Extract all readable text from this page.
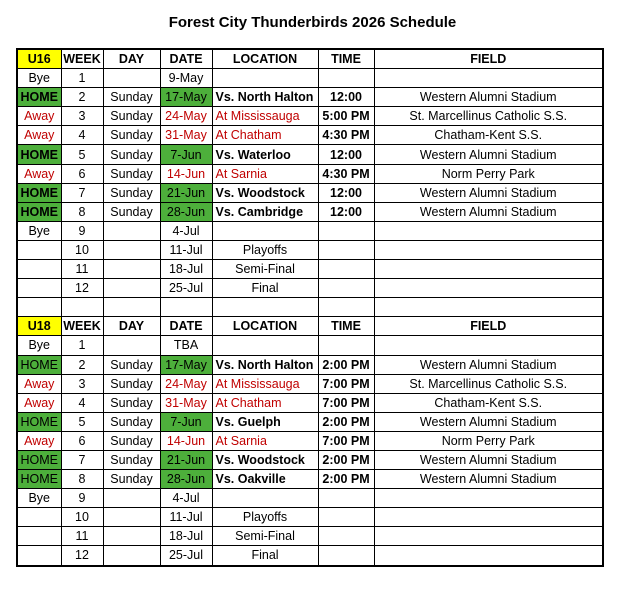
Forest City Thunderbirds 2026 Schedule
U16	WEEK	DAY	DATE	LOCATION	TIME	FIELD
Bye	1		9-May			
HOME	2	Sunday	17-May	Vs. North Halton	12:00	Western Alumni Stadium
Away	3	Sunday	24-May	At Mississauga	5:00 PM	St. Marcellinus Catholic S.S.
Away	4	Sunday	31-May	At Chatham	4:30 PM	Chatham-Kent S.S.
HOME	5	Sunday	7-Jun	Vs. Waterloo	12:00	Western Alumni Stadium
Away	6	Sunday	14-Jun	At Sarnia	4:30 PM	Norm Perry Park
HOME	7	Sunday	21-Jun	Vs. Woodstock	12:00	Western Alumni Stadium
HOME	8	Sunday	28-Jun	Vs. Cambridge	12:00	Western Alumni Stadium
Bye	9		4-Jul			
	10		11-Jul	Playoffs		
	11		18-Jul	Semi-Final		
	12		25-Jul	Final		

U18	WEEK	DAY	DATE	LOCATION	TIME	FIELD
Bye	1		TBA			
HOME	2	Sunday	17-May	Vs. North Halton	2:00 PM	Western Alumni Stadium
Away	3	Sunday	24-May	At Mississauga	7:00 PM	St. Marcellinus Catholic S.S.
Away	4	Sunday	31-May	At Chatham	7:00 PM	Chatham-Kent S.S.
HOME	5	Sunday	7-Jun	Vs. Guelph	2:00 PM	Western Alumni Stadium
Away	6	Sunday	14-Jun	At Sarnia	7:00 PM	Norm Perry Park
HOME	7	Sunday	21-Jun	Vs. Woodstock	2:00 PM	Western Alumni Stadium
HOME	8	Sunday	28-Jun	Vs. Oakville	2:00 PM	Western Alumni Stadium
Bye	9		4-Jul			
	10		11-Jul	Playoffs		
	11		18-Jul	Semi-Final		
	12		25-Jul	Final		
